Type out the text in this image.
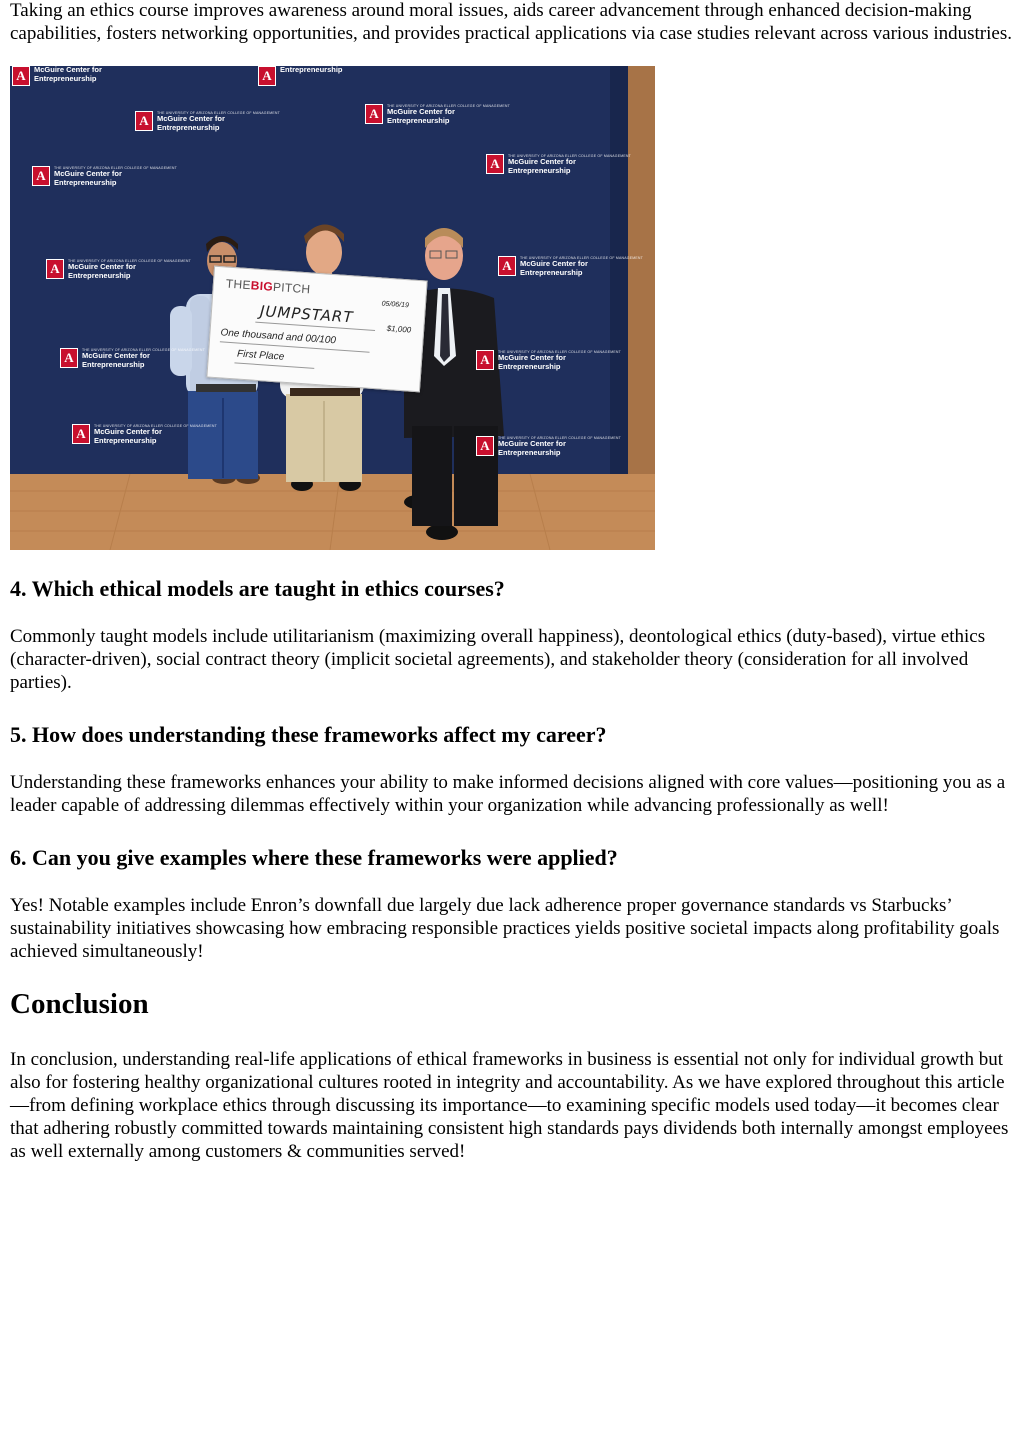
Taking an ethics course improves awareness around moral issues, aids career advancement through enhanced decision-making capabilities, fosters networking opportunities, and provides practical applications via case studies relevant across various industries.

A	McGuire Center for
Entrepreneurship	A	Entrepreneurship
A	THE UNIVERSITY OF ARIZONA ELLER COLLEGE OF MANAGEMENT
McGuire Center for
Entrepreneurship
A	THE UNIVERSITY OF ARIZONA ELLER COLLEGE OF MANAGEMENT
McGuire Center for
Entrepreneurship
A	THE UNIVERSITY OF ARIZONA ELLER COLLEGE OF MANAGEMENT
McGuire Center for
Entrepreneurship
A	THE UNIVERSITY OF ARIZONA ELLER COLLEGE OF MANAGEMENT
McGuire Center for
Entrepreneurship
A	THE UNIVERSITY OF ARIZONA ELLER COLLEGE OF MANAGEMENT
McGuire Center for
Entrepreneurship
A	THE UNIVERSITY OF ARIZONA ELLER COLLEGE OF MANAGEMENT
McGuire Center for
Entrepreneurship
A	THE UNIVERSITY OF ARIZONA ELLER COLLEGE OF MANAGEMENT
McGuire Center for
Entrepreneurship	A	THE UNIVERSITY OF ARIZONA ELLER COLLEGE OF MANAGEMENT
McGuire Center for
Entrepreneurship
A	THE UNIVERSITY OF ARIZONA ELLER COLLEGE OF MANAGEMENT
McGuire Center for
Entrepreneurship	A	THE UNIVERSITY OF ARIZONA ELLER COLLEGE OF MANAGEMENT
McGuire Center for
Entrepreneurship
THEBIGPITCH
05/06/19
JUMPSTART
$1,000
One thousand and 00/100
First Place
4. Which ethical models are taught in ethics courses?

Commonly taught models include utilitarianism (maximizing overall happiness), deontological ethics (duty-based), virtue ethics (character-driven), social contract theory (implicit societal agreements), and stakeholder theory (consideration for all involved parties).

5. How does understanding these frameworks affect my career?

Understanding these frameworks enhances your ability to make informed decisions aligned with core values—positioning you as a leader capable of addressing dilemmas effectively within your organization while advancing professionally as well!

6. Can you give examples where these frameworks were applied?

Yes! Notable examples include Enron’s downfall due largely due lack adherence proper governance standards vs Starbucks’ sustainability initiatives showcasing how embracing responsible practices yields positive societal impacts along profitability goals achieved simultaneously!

Conclusion

In conclusion, understanding real-life applications of ethical frameworks in business is essential not only for individual growth but also for fostering healthy organizational cultures rooted in integrity and accountability. As we have explored throughout this article—from defining workplace ethics through discussing its importance—to examining specific models used today—it becomes clear that adhering robustly committed towards maintaining consistent high standards pays dividends both internally amongst employees as well externally among customers & communities served!
